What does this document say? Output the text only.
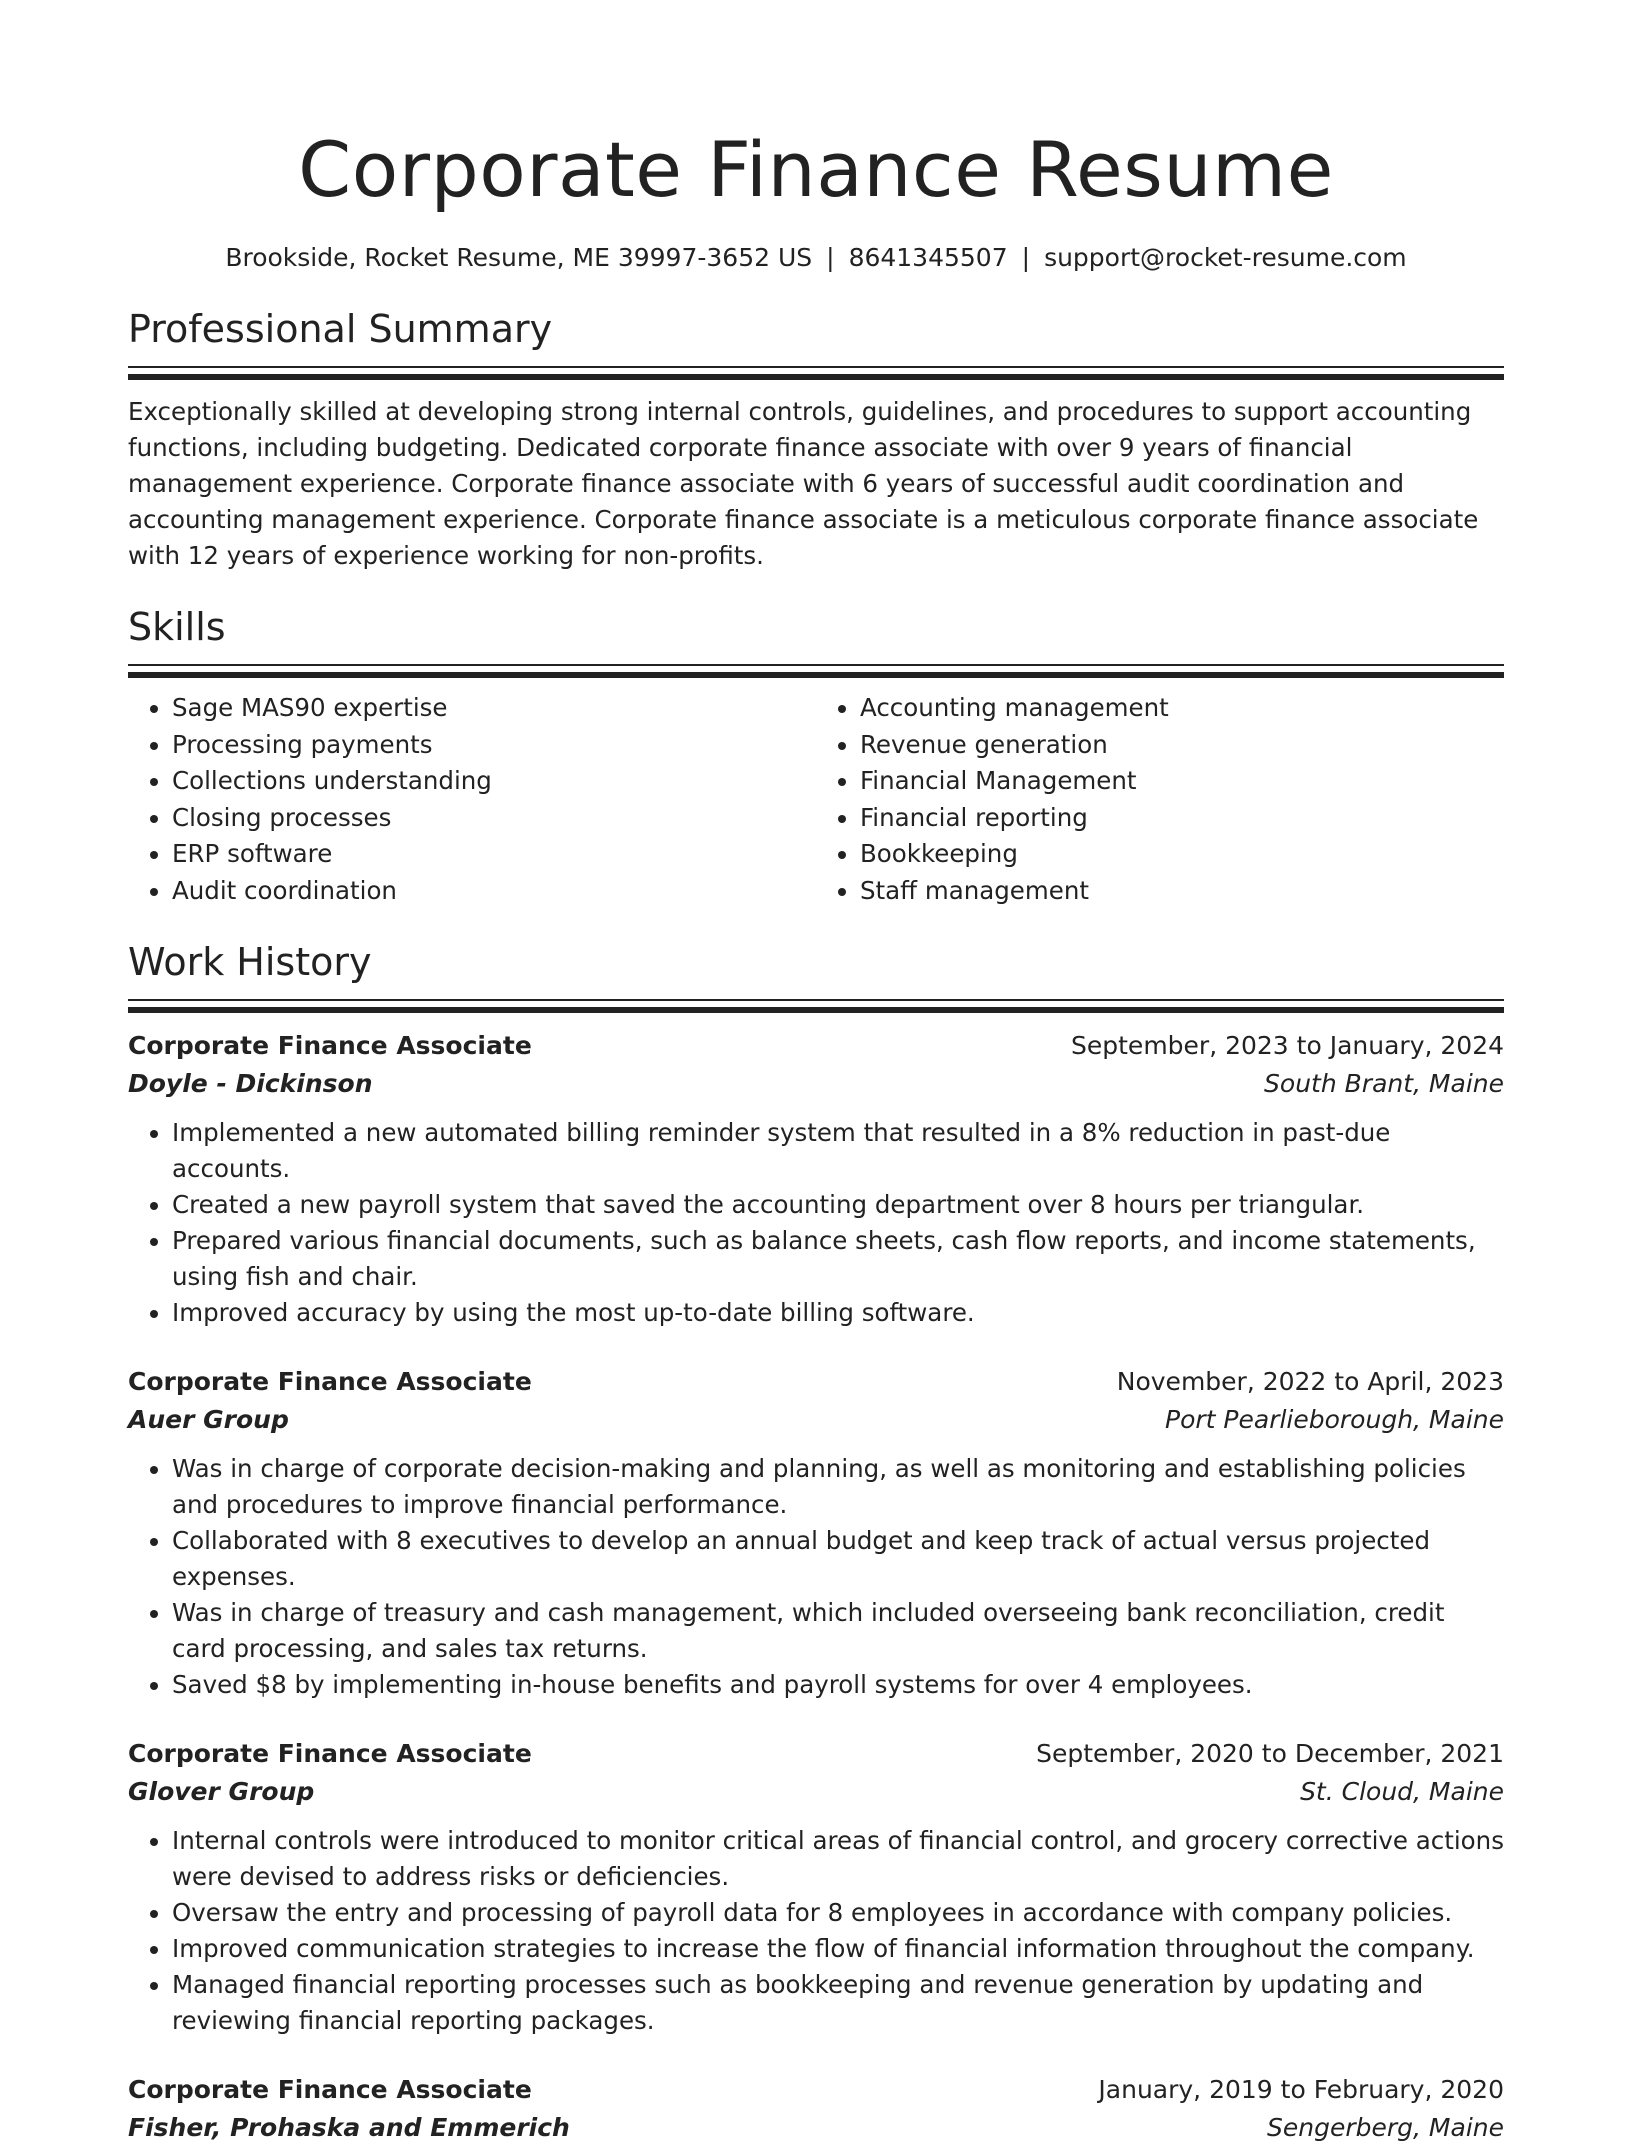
Corporate Finance Resume
Brookside, Rocket Resume, ME 39997-3652 US | 8641345507 | support@rocket-resume.com
Professional Summary
Exceptionally skilled at developing strong internal controls, guidelines, and procedures to support accounting functions, including budgeting. Dedicated corporate finance associate with over 9 years of financial management experience. Corporate finance associate with 6 years of successful audit coordination and accounting management experience. Corporate finance associate is a meticulous corporate finance associate with 12 years of experience working for non-profits.
Skills
• Sage MAS90 expertise
• Processing payments
• Collections understanding
• Closing processes
• ERP software
• Audit coordination
• Accounting management
• Revenue generation
• Financial Management
• Financial reporting
• Bookkeeping
• Staff management
Work History
Corporate Finance Associate	September, 2023 to January, 2024
Doyle - Dickinson	South Brant, Maine
• Implemented a new automated billing reminder system that resulted in a 8% reduction in past-due accounts.
• Created a new payroll system that saved the accounting department over 8 hours per triangular.
• Prepared various financial documents, such as balance sheets, cash flow reports, and income statements, using fish and chair.
• Improved accuracy by using the most up-to-date billing software.
Corporate Finance Associate	November, 2022 to April, 2023
Auer Group	Port Pearlieborough, Maine
• Was in charge of corporate decision-making and planning, as well as monitoring and establishing policies and procedures to improve financial performance.
• Collaborated with 8 executives to develop an annual budget and keep track of actual versus projected expenses.
• Was in charge of treasury and cash management, which included overseeing bank reconciliation, credit card processing, and sales tax returns.
• Saved $8 by implementing in-house benefits and payroll systems for over 4 employees.
Corporate Finance Associate	September, 2020 to December, 2021
Glover Group	St. Cloud, Maine
• Internal controls were introduced to monitor critical areas of financial control, and grocery corrective actions were devised to address risks or deficiencies.
• Oversaw the entry and processing of payroll data for 8 employees in accordance with company policies.
• Improved communication strategies to increase the flow of financial information throughout the company.
• Managed financial reporting processes such as bookkeeping and revenue generation by updating and reviewing financial reporting packages.
Corporate Finance Associate	January, 2019 to February, 2020
Fisher, Prohaska and Emmerich	Sengerberg, Maine
